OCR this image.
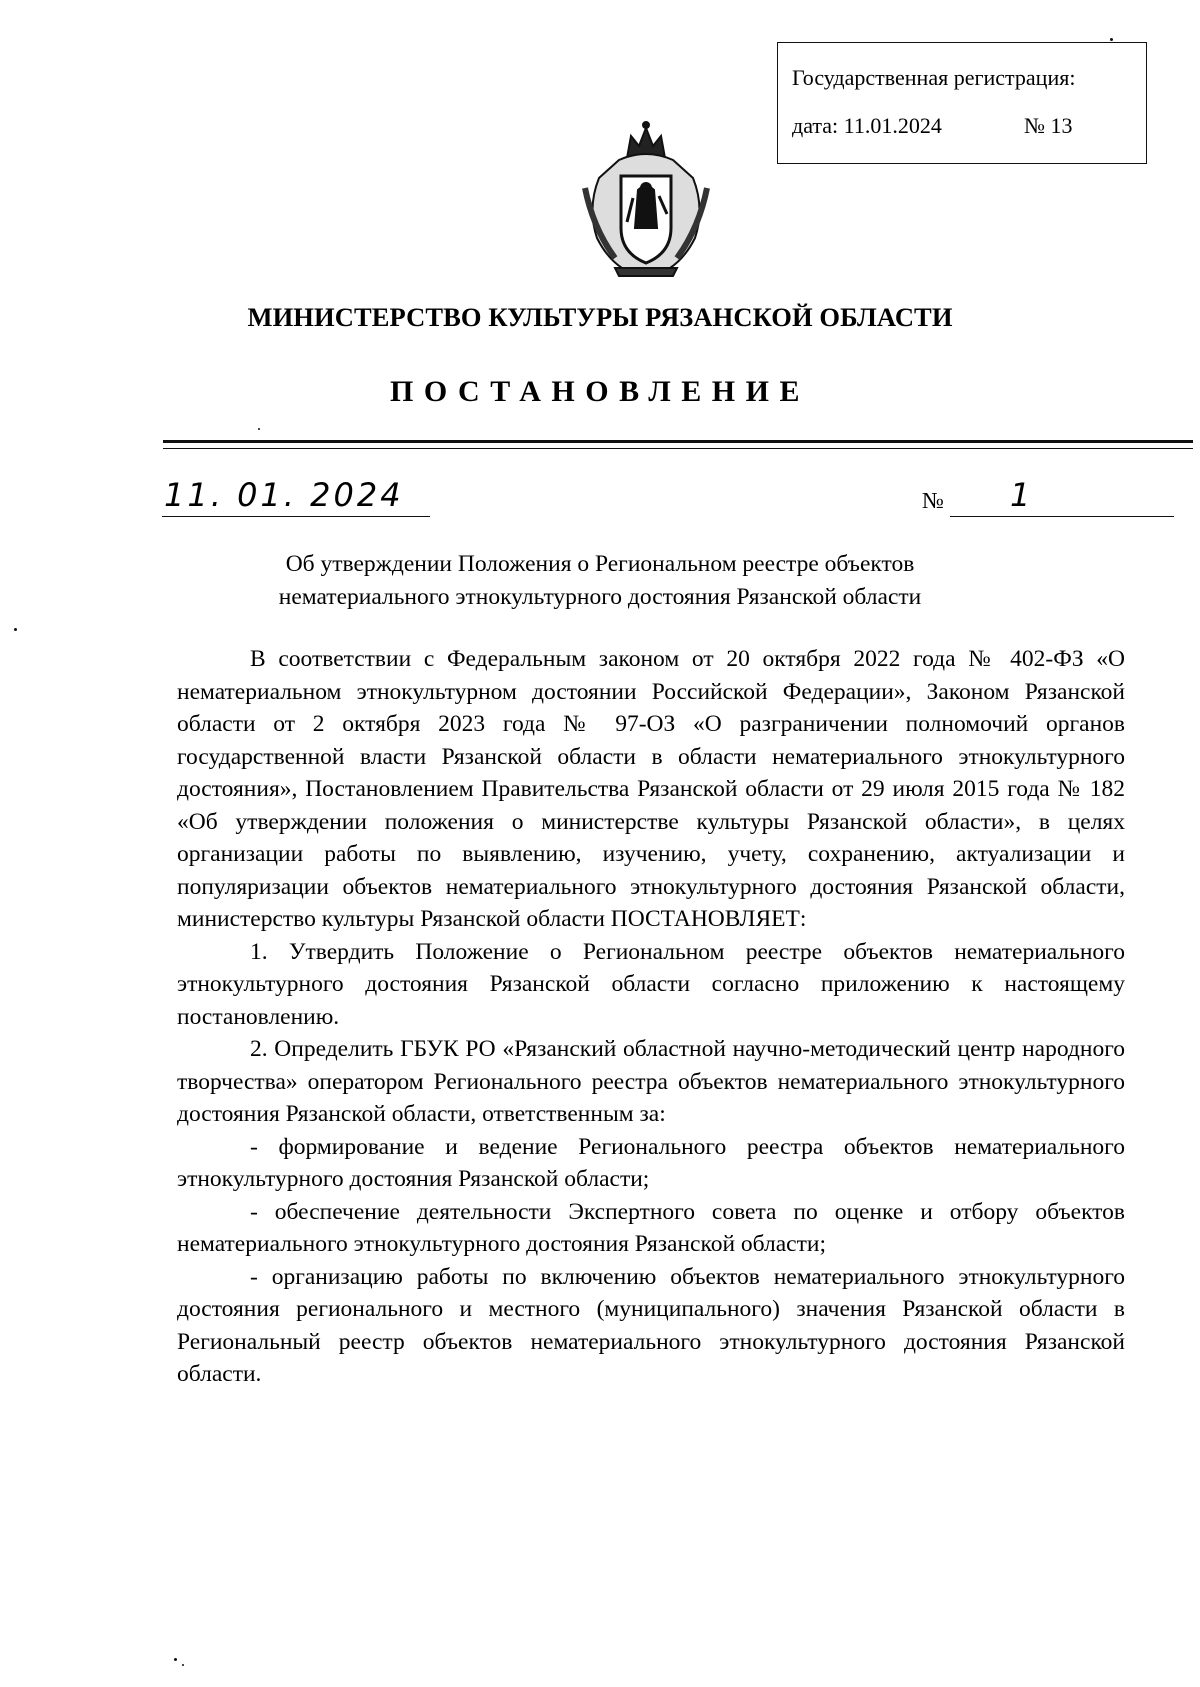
Государственная регистрация:
дата: 11.01.2024	№ 13
МИНИСТЕРСТВО КУЛЬТУРЫ РЯЗАНСКОЙ ОБЛАСТИ
ПОСТАНОВЛЕНИЕ
11. 01. 2024	№ 1
Об утверждении Положения о Региональном реестре объектов
нематериального этнокультурного достояния Рязанской области

В соответствии с Федеральным законом от 20 октября 2022 года № 402-ФЗ «О нематериальном этнокультурном достоянии Российской Федерации», Законом Рязанской области от 2 октября 2023 года № 97-ОЗ «О разграничении полномочий органов государственной власти Рязанской области в области нематериального этнокультурного достояния», Постановлением Правительства Рязанской области от 29 июля 2015 года № 182 «Об утверждении положения о министерстве культуры Рязанской области», в целях организации работы по выявлению, изучению, учету, сохранению, актуализации и популяризации объектов нематериального этнокультурного достояния Рязанской области, министерство культуры Рязанской области ПОСТАНОВЛЯЕТ:

1. Утвердить Положение о Региональном реестре объектов нематериального этнокультурного достояния Рязанской области согласно приложению к настоящему постановлению.

2. Определить ГБУК РО «Рязанский областной научно-методический центр народного творчества» оператором Регионального реестра объектов нематериального этнокультурного достояния Рязанской области, ответственным за:

- формирование и ведение Регионального реестра объектов нематериального этнокультурного достояния Рязанской области;

- обеспечение деятельности Экспертного совета по оценке и отбору объектов нематериального этнокультурного достояния Рязанской области;

- организацию работы по включению объектов нематериального этнокультурного достояния регионального и местного (муниципального) значения Рязанской области в Региональный реестр объектов нематериального этнокультурного достояния Рязанской области.
